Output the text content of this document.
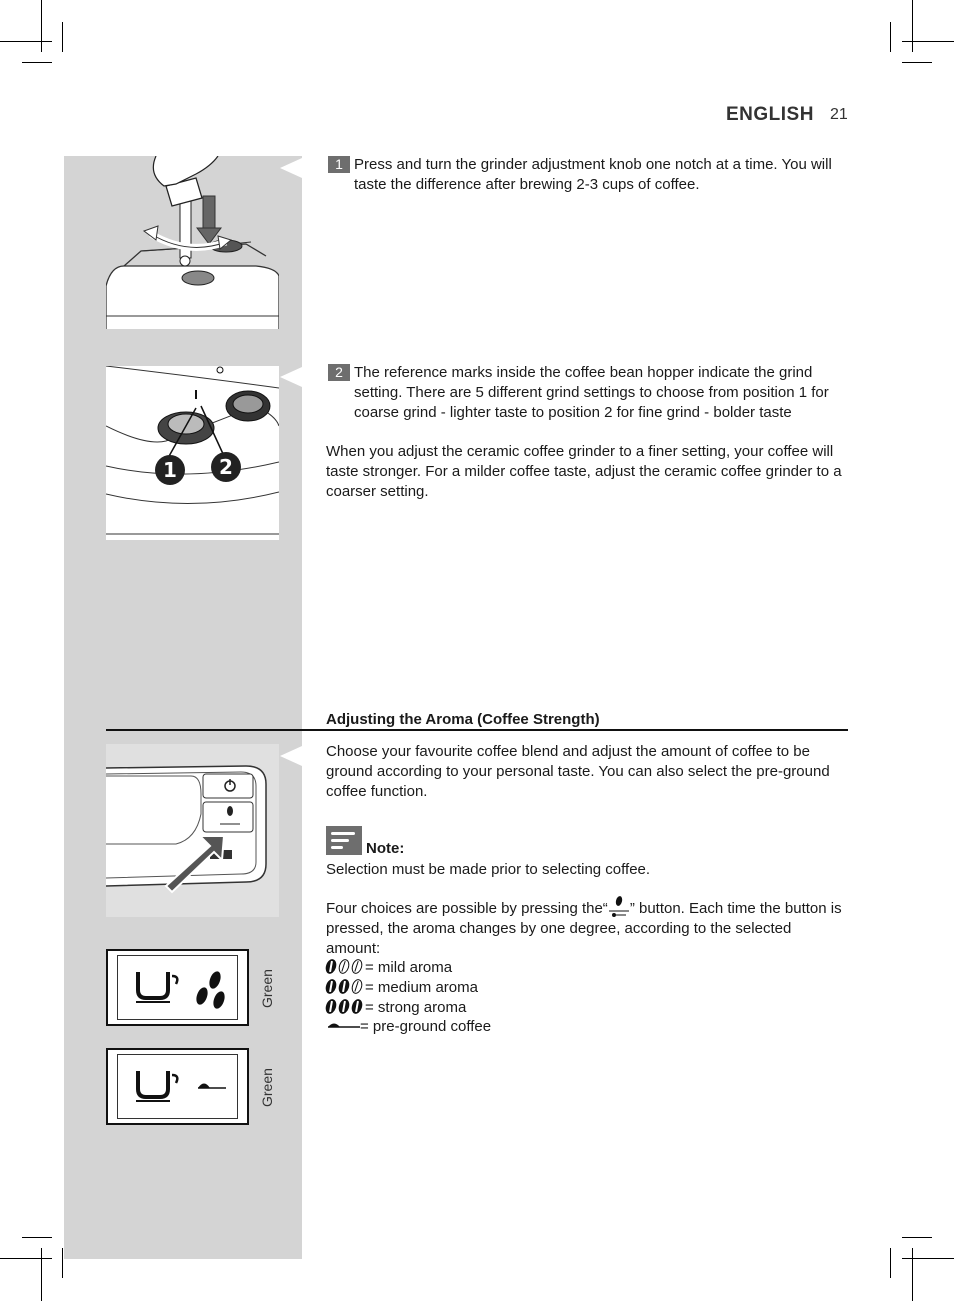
ENGLISH 21
1 2
1 Press and turn the grinder adjustment knob one notch at a time. You will taste the difference after brewing 2-3 cups of coffee.
2 The reference marks inside the coffee bean hopper indicate the grind setting. There are 5 different grind settings to choose from position 1 for coarse grind - lighter taste to position 2 for fine grind - bolder taste
When you adjust the ceramic coffee grinder to a finer setting, your coffee will taste stronger. For a milder coffee taste, adjust the ceramic coffee grinder to a coarser setting.
Adjusting the Aroma (Coffee Strength)
Choose your favourite coffee blend and adjust the amount of coffee to be ground according to your personal taste. You can also select the pre-ground coffee function.
Note:
Selection must be made prior to selecting coffee.
Four choices are possible by pressing the“ ” button. Each time the button is pressed, the aroma changes by one degree, according to the selected amount:
= mild aroma
= medium aroma
= strong aroma
= pre-ground coffee
Green
Green
